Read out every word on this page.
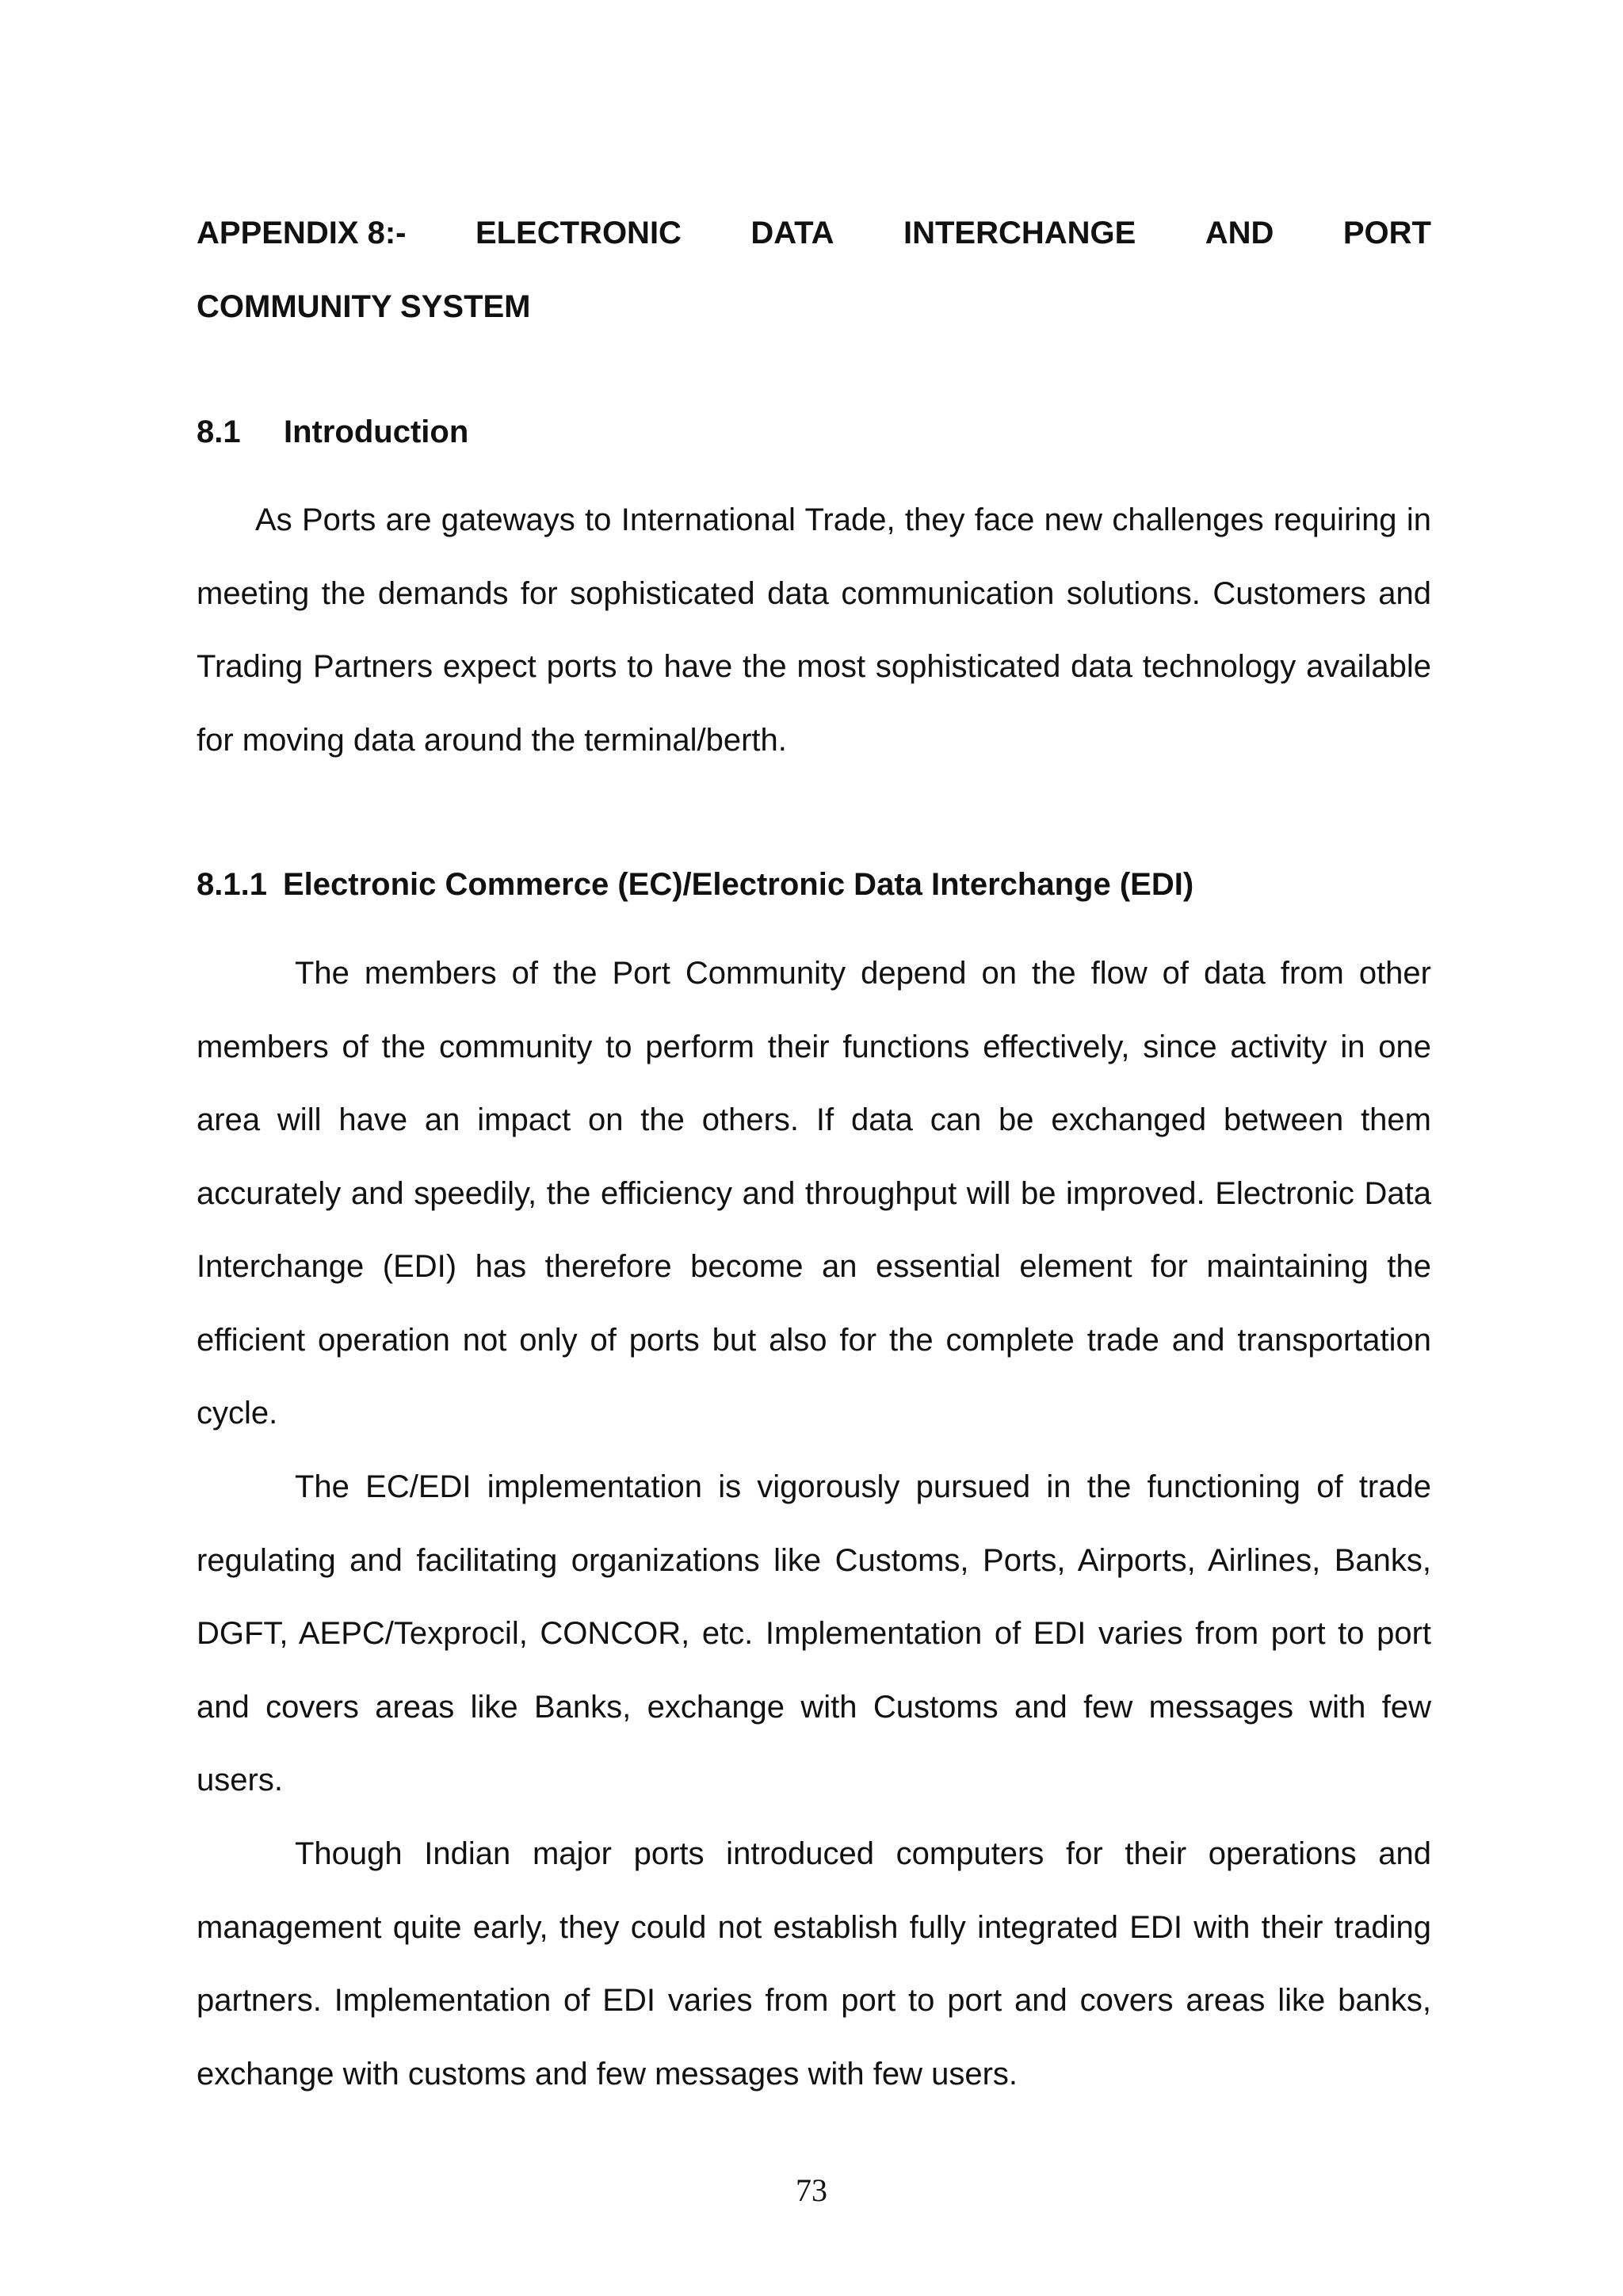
APPENDIX 8:- ELECTRONIC DATA INTERCHANGE AND PORT
COMMUNITY SYSTEM
8.1 Introduction

As Ports are gateways to International Trade, they face new challenges requiring in meeting the demands for sophisticated data communication solutions. Customers and Trading Partners expect ports to have the most sophisticated data technology available for moving data around the terminal/berth.

8.1.1 Electronic Commerce (EC)/Electronic Data Interchange (EDI)

The members of the Port Community depend on the flow of data from other members of the community to perform their functions effectively, since activity in one area will have an impact on the others. If data can be exchanged between them accurately and speedily, the efficiency and throughput will be improved. Electronic Data Interchange (EDI) has therefore become an essential element for maintaining the efficient operation not only of ports but also for the complete trade and transportation cycle.

The EC/EDI implementation is vigorously pursued in the functioning of trade regulating and facilitating organizations like Customs, Ports, Airports, Airlines, Banks, DGFT, AEPC/Texprocil, CONCOR, etc. Implementation of EDI varies from port to port and covers areas like Banks, exchange with Customs and few messages with few users.

Though Indian major ports introduced computers for their operations and management quite early, they could not establish fully integrated EDI with their trading partners. Implementation of EDI varies from port to port and covers areas like banks, exchange with customs and few messages with few users.

73
